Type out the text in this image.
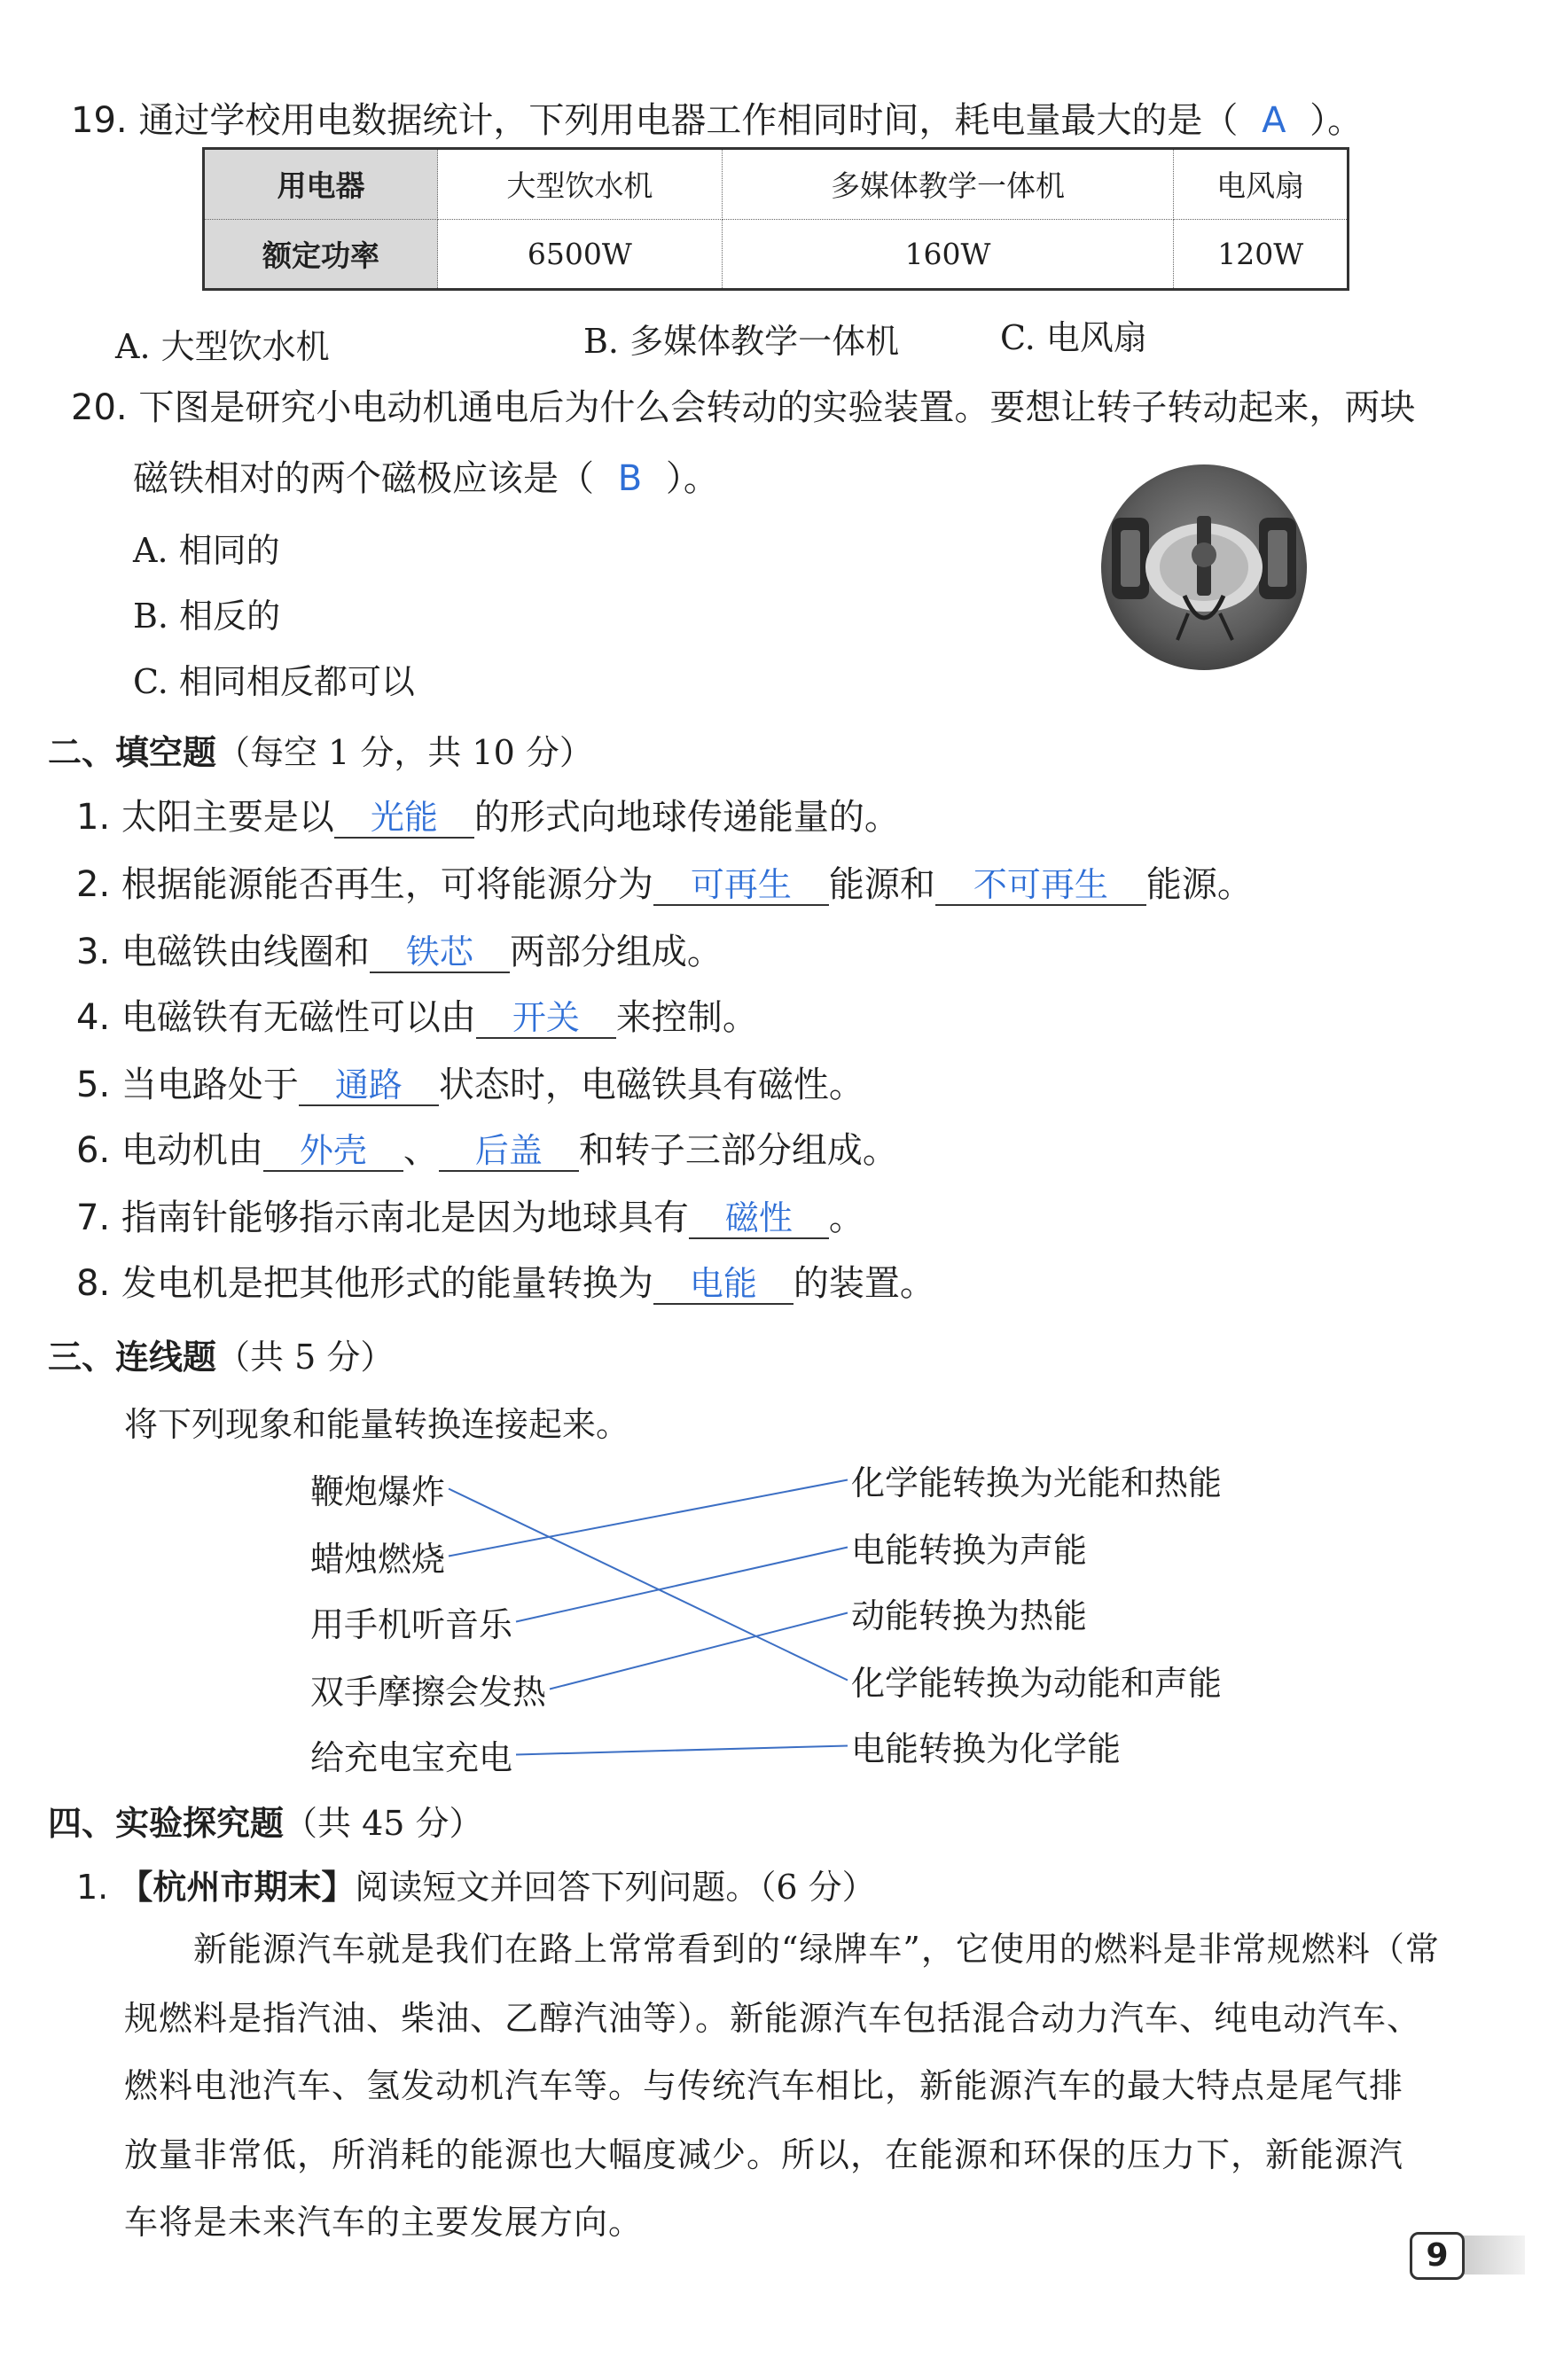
19. 通过学校用电数据统计，下列用电器工作相同时间，耗电量最大的是（ A ）。
用电器	大型饮水机	多媒体教学一体机	电风扇
额定功率	6500W	160W	120W
A. 大型饮水机	B. 多媒体教学一体机	C. 电风扇
20. 下图是研究小电动机通电后为什么会转动的实验装置。要想让转子转动起来，两块
磁铁相对的两个磁极应该是（ B ）。
A. 相同的
B. 相反的
C. 相同相反都可以
二、填空题（每空 1 分，共 10 分）
1. 太阳主要是以 光能 的形式向地球传递能量的。
2. 根据能源能否再生，可将能源分为 可再生 能源和 不可再生 能源。
3. 电磁铁由线圈和 铁芯 两部分组成。
4. 电磁铁有无磁性可以由 开关 来控制。
5. 当电路处于 通路 状态时，电磁铁具有磁性。
6. 电动机由 外壳 、 后盖 和转子三部分组成。
7. 指南针能够指示南北是因为地球具有 磁性 。
8. 发电机是把其他形式的能量转换为 电能 的装置。
三、连线题（共 5 分）
将下列现象和能量转换连接起来。
鞭炮爆炸
蜡烛燃烧
用手机听音乐
双手摩擦会发热
给充电宝充电
化学能转换为光能和热能
电能转换为声能
动能转换为热能
化学能转换为动能和声能
电能转换为化学能
四、实验探究题（共 45 分）
1. 【杭州市期末】阅读短文并回答下列问题。（6 分）
新能源汽车就是我们在路上常常看到的“绿牌车”，它使用的燃料是非常规燃料（常
规燃料是指汽油、柴油、乙醇汽油等）。新能源汽车包括混合动力汽车、纯电动汽车、
燃料电池汽车、氢发动机汽车等。与传统汽车相比，新能源汽车的最大特点是尾气排
放量非常低，所消耗的能源也大幅度减少。所以，在能源和环保的压力下，新能源汽
车将是未来汽车的主要发展方向。
9
